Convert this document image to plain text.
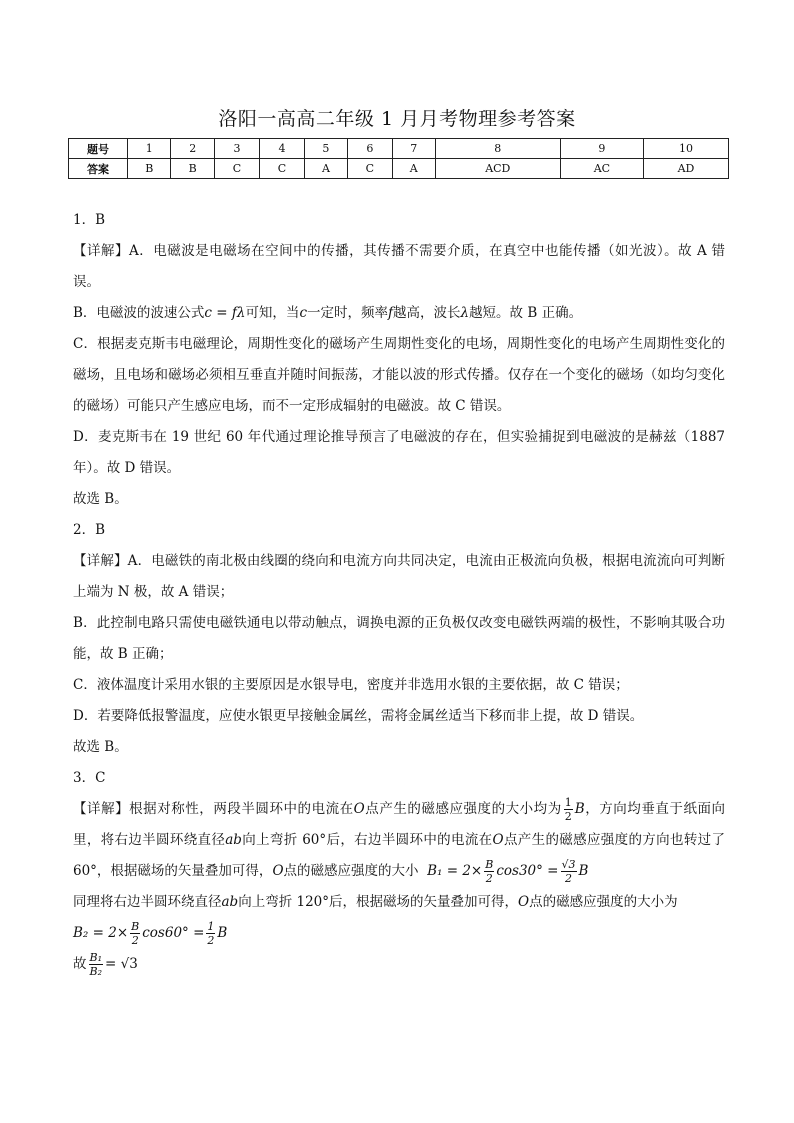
洛阳一高高二年级 1 月月考物理参考答案
题号	1	2	3	4	5	6	7	8	9	10
答案	B	B	C	C	A	C	A	ACD	AC	AD
1．B
【详解】A．电磁波是电磁场在空间中的传播，其传播不需要介质，在真空中也能传播（如光波）。故 A 错误。
B．电磁波的波速公式c = fλ可知，当c一定时，频率f越高，波长λ越短。故 B 正确。
C．根据麦克斯韦电磁理论，周期性变化的磁场产生周期性变化的电场，周期性变化的电场产生周期性变化的磁场，且电场和磁场必须相互垂直并随时间振荡，才能以波的形式传播。仅存在一个变化的磁场（如均匀变化的磁场）可能只产生感应电场，而不一定形成辐射的电磁波。故 C 错误。
D．麦克斯韦在 19 世纪 60 年代通过理论推导预言了电磁波的存在，但实验捕捉到电磁波的是赫兹（1887 年）。故 D 错误。
故选 B。
2．B
【详解】A．电磁铁的南北极由线圈的绕向和电流方向共同决定，电流由正极流向负极，根据电流流向可判断上端为 N 极，故 A 错误；
B．此控制电路只需使电磁铁通电以带动触点，调换电源的正负极仅改变电磁铁两端的极性，不影响其吸合功能，故 B 正确；
C．液体温度计采用水银的主要原因是水银导电，密度并非选用水银的主要依据，故 C 错误；
D．若要降低报警温度，应使水银更早接触金属丝，需将金属丝适当下移而非上提，故 D 错误。
故选 B。
3．C
【详解】根据对称性，两段半圆环中的电流在O点产生的磁感应强度的大小均为 $\frac{1}{2}$ B，方向均垂直于纸面向里，将右边半圆环绕直径ab向上弯折 60°后，右边半圆环中的电流在O点产生的磁感应强度的方向也转过了 60°，根据磁场的矢量叠加可得，O点的磁感应强度的大小 $B_1 = 2\times \frac{B}{2} \cos 30^\circ = \frac{√3}{2}$ B
同理将右边半圆环绕直径ab向上弯折 120°后，根据磁场的矢量叠加可得，O点的磁感应强度的大小为
$B_2 = 2\times \frac{B}{2} \cos 60^\circ = \frac{1}{2}$ B
故 $\frac{\text{B₁}}{\text{B₂}} = √3$
